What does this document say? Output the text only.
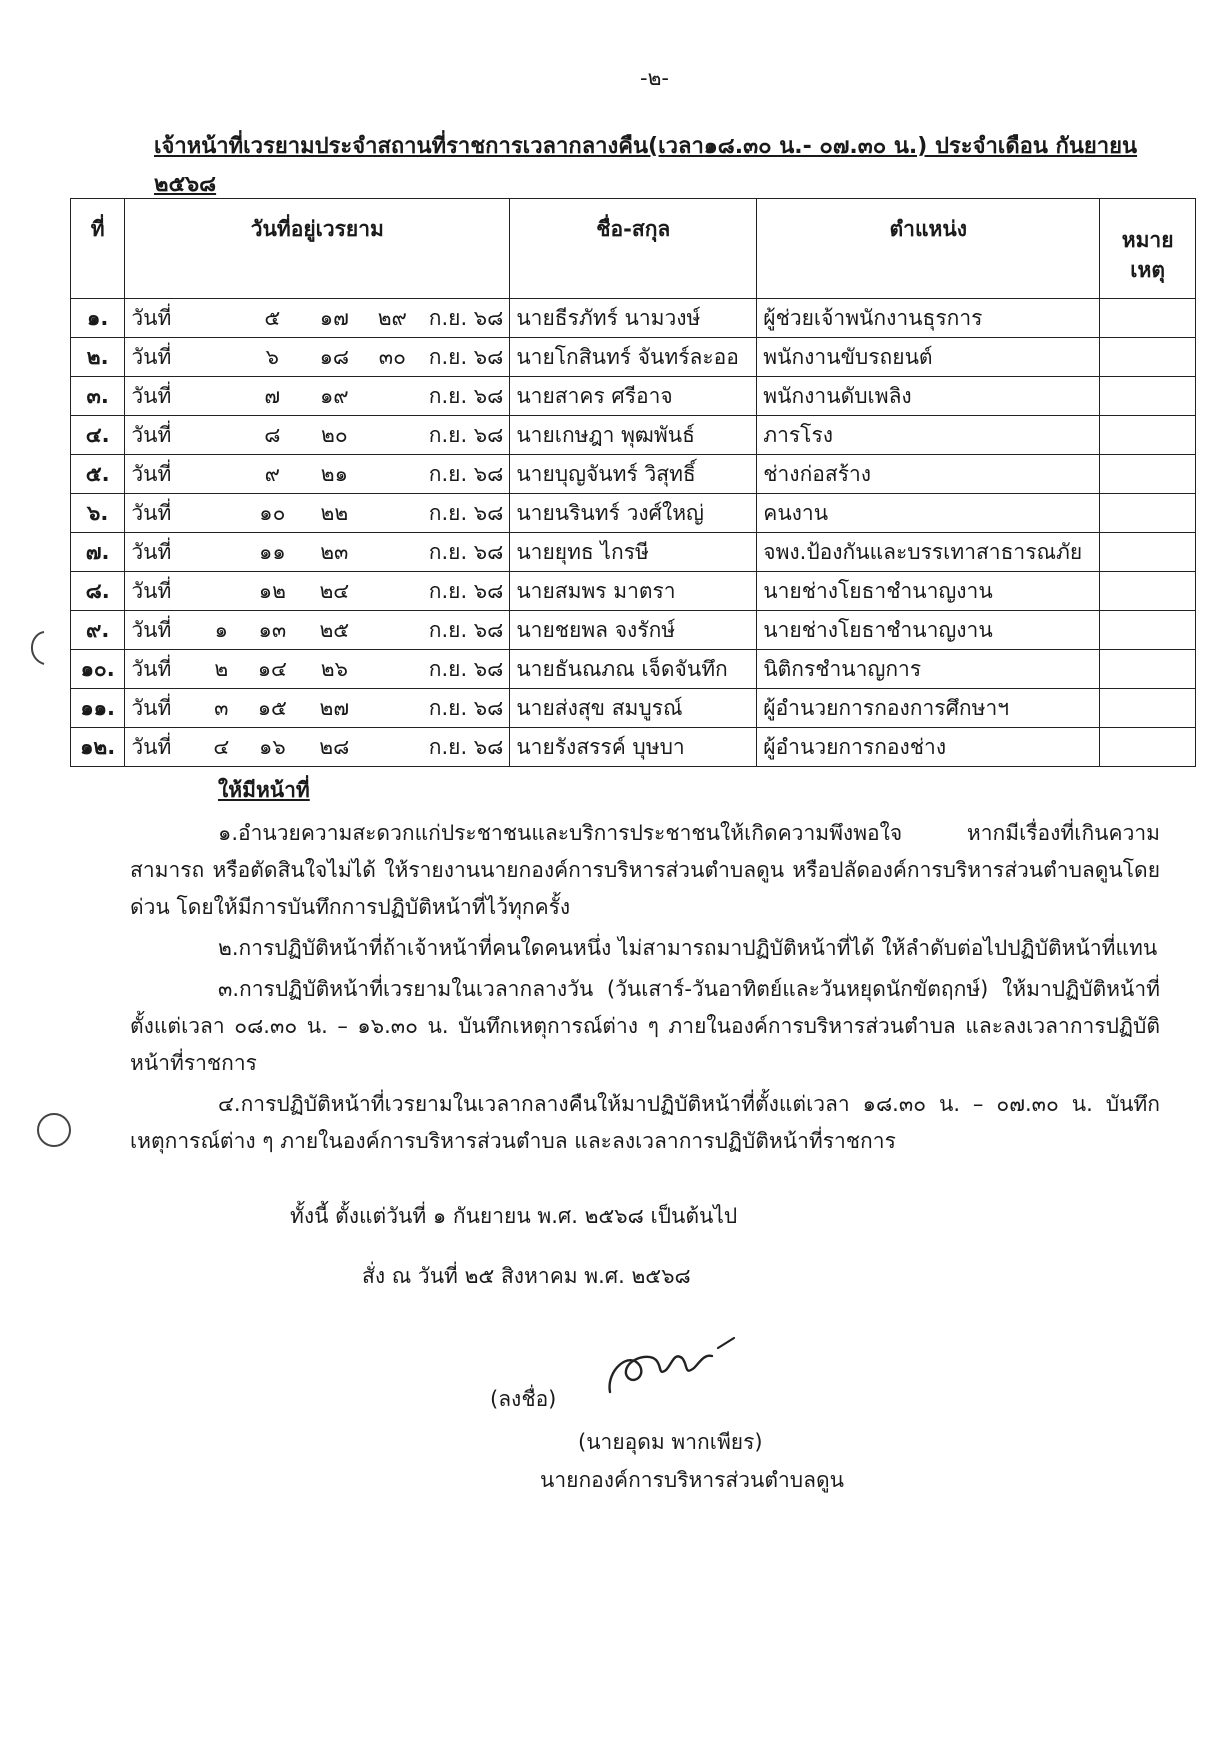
-๒-
เจ้าหน้าที่เวรยามประจำสถานที่ราชการเวลากลางคืน(เวลา๑๘.๓๐ น.- ๐๗.๓๐ น.) ประจำเดือน กันยายน ๒๕๖๘
ที่	วันที่อยู่เวรยาม	ชื่อ-สกุล	ตำแหน่ง	หมาย
เหตุ

๑.	วันที่ ๕ ๑๗ ๒๙ ก.ย. ๖๘	นายธีรภัทร์ นามวงษ์	ผู้ช่วยเจ้าพนักงานธุรการ	
๒.	วันที่ ๖ ๑๘ ๓๐ ก.ย. ๖๘	นายโกสินทร์ จันทร์ละออ	พนักงานขับรถยนต์	
๓.	วันที่ ๗ ๑๙ ก.ย. ๖๘	นายสาคร ศรีอาจ	พนักงานดับเพลิง	
๔.	วันที่ ๘ ๒๐ ก.ย. ๖๘	นายเกษฎา พุฒพันธ์	ภารโรง	
๕.	วันที่ ๙ ๒๑ ก.ย. ๖๘	นายบุญจันทร์ วิสุทธิ์	ช่างก่อสร้าง	
๖.	วันที่ ๑๐ ๒๒ ก.ย. ๖๘	นายนรินทร์ วงศ์ใหญ่	คนงาน	
๗.	วันที่ ๑๑ ๒๓ ก.ย. ๖๘	นายยุทธ ไกรษี	จพง.ป้องกันและบรรเทาสาธารณภัย	
๘.	วันที่ ๑๒ ๒๔ ก.ย. ๖๘	นายสมพร มาตรา	นายช่างโยธาชำนาญงาน	
๙.	วันที่ ๑ ๑๓ ๒๕ ก.ย. ๖๘	นายชยพล จงรักษ์	นายช่างโยธาชำนาญงาน	
๑๐.	วันที่ ๒ ๑๔ ๒๖ ก.ย. ๖๘	นายธันณภณ เจ็ดจันทึก	นิติกรชำนาญการ	
๑๑.	วันที่ ๓ ๑๕ ๒๗ ก.ย. ๖๘	นายส่งสุข สมบูรณ์	ผู้อำนวยการกองการศึกษาฯ	
๑๒.	วันที่ ๔ ๑๖ ๒๘ ก.ย. ๖๘	นายรังสรรค์ บุษบา	ผู้อำนวยการกองช่าง	
ให้มีหน้าที่

๑.อำนวยความสะดวกแก่ประชาชนและบริการประชาชนให้เกิดความพึงพอใจ หากมีเรื่องที่เกินความสามารถ หรือตัดสินใจไม่ได้ ให้รายงานนายกองค์การบริหารส่วนตำบลดูน หรือปลัดองค์การบริหารส่วนตำบลดูนโดยด่วน โดยให้มีการบันทึกการปฏิบัติหน้าที่ไว้ทุกครั้ง

๒.การปฏิบัติหน้าที่ถ้าเจ้าหน้าที่คนใดคนหนึ่ง ไม่สามารถมาปฏิบัติหน้าที่ได้ ให้ลำดับต่อไปปฏิบัติหน้าที่แทน

๓.การปฏิบัติหน้าที่เวรยามในเวลากลางวัน (วันเสาร์-วันอาทิตย์และวันหยุดนักขัตฤกษ์) ให้มาปฏิบัติหน้าที่ตั้งแต่เวลา ๐๘.๓๐ น. – ๑๖.๓๐ น. บันทึกเหตุการณ์ต่าง ๆ ภายในองค์การบริหารส่วนตำบล และลงเวลาการปฏิบัติหน้าที่ราชการ

๔.การปฏิบัติหน้าที่เวรยามในเวลากลางคืนให้มาปฏิบัติหน้าที่ตั้งแต่เวลา ๑๘.๓๐ น. – ๐๗.๓๐ น. บันทึกเหตุการณ์ต่าง ๆ ภายในองค์การบริหารส่วนตำบล และลงเวลาการปฏิบัติหน้าที่ราชการ

ทั้งนี้ ตั้งแต่วันที่ ๑ กันยายน พ.ศ. ๒๕๖๘ เป็นต้นไป
สั่ง ณ วันที่ ๒๕ สิงหาคม พ.ศ. ๒๕๖๘
(ลงชื่อ)
(นายอุดม พากเพียร)
นายกองค์การบริหารส่วนตำบลดูน
